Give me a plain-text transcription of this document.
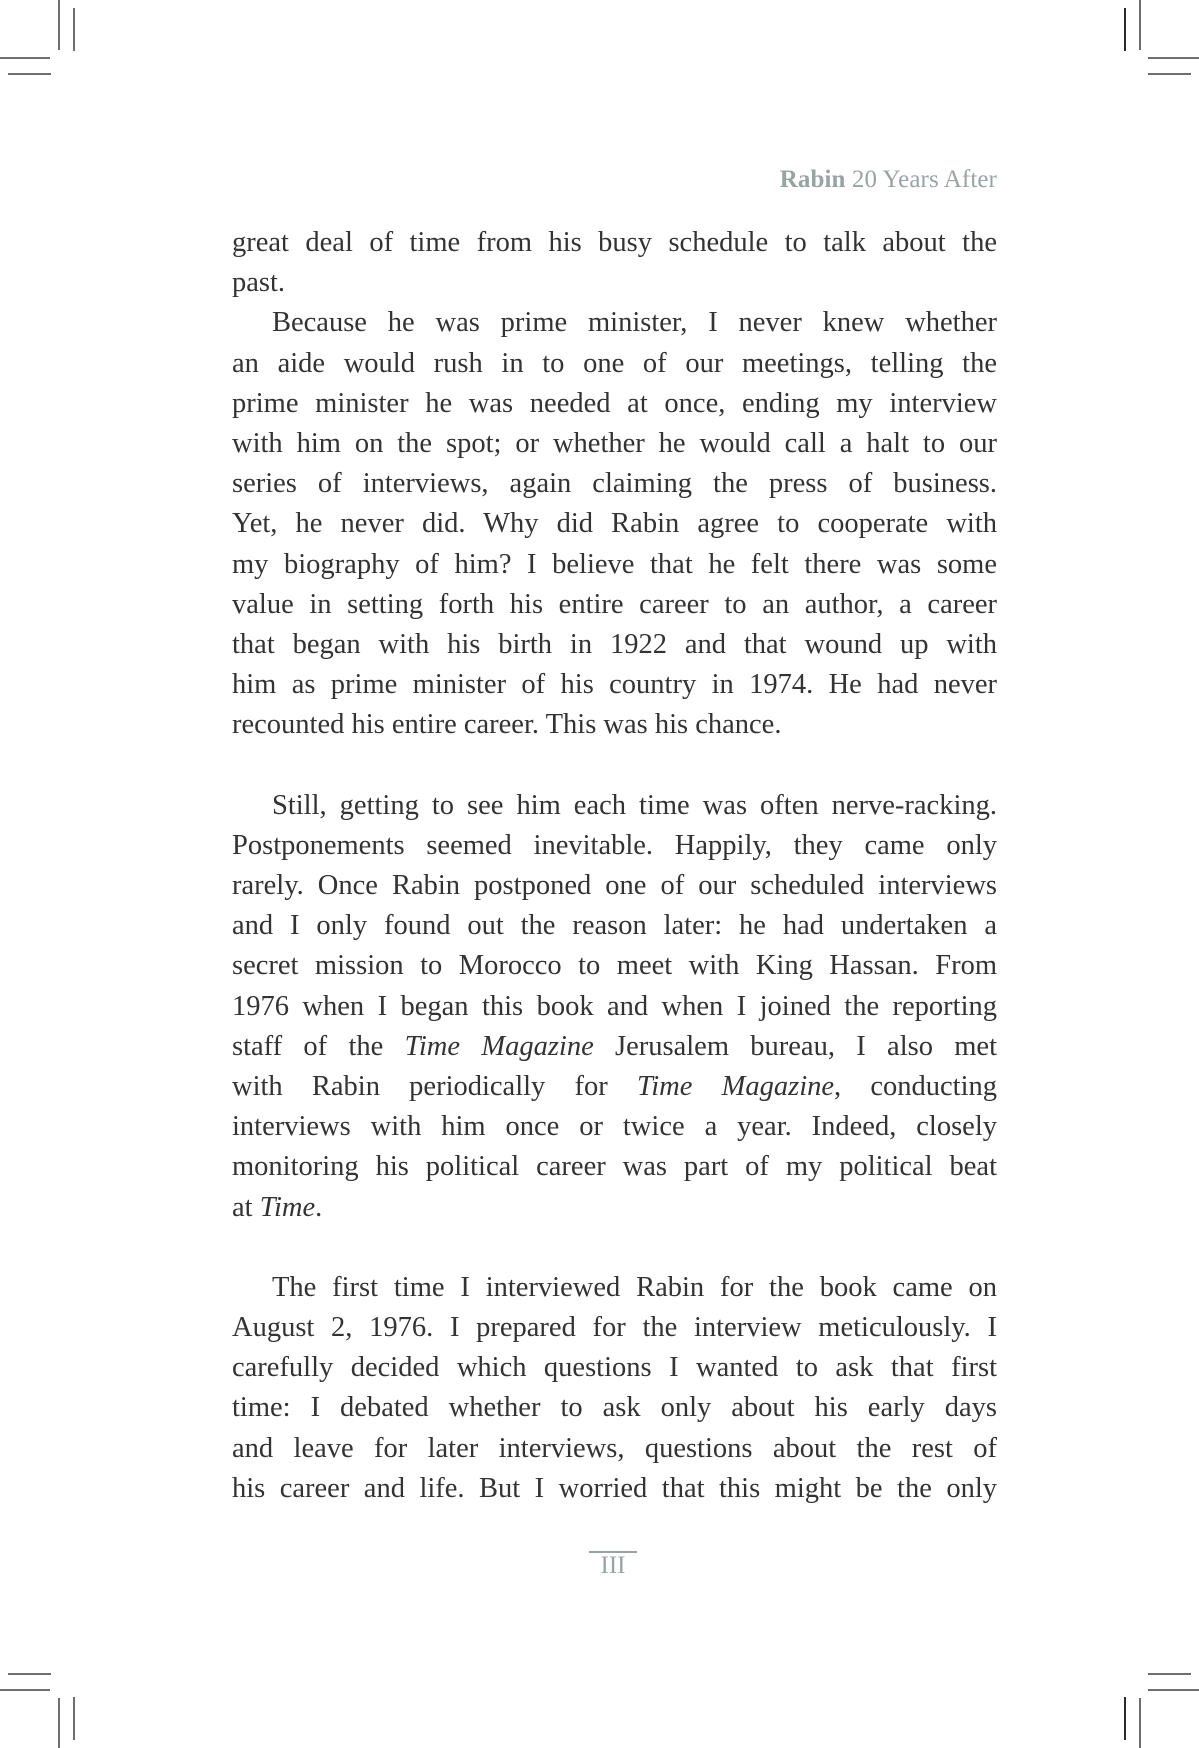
Rabin 20 Years After
great deal of time from his busy schedule to talk about the
past.
Because he was prime minister, I never knew whether
an aide would rush in to one of our meetings, telling the
prime minister he was needed at once, ending my interview
with him on the spot; or whether he would call a halt to our
series of interviews, again claiming the press of business.
Yet, he never did. Why did Rabin agree to cooperate with
my biography of him? I believe that he felt there was some
value in setting forth his entire career to an author, a career
that began with his birth in 1922 and that wound up with
him as prime minister of his country in 1974. He had never
recounted his entire career. This was his chance.
Still, getting to see him each time was often nerve-racking.
Postponements seemed inevitable. Happily, they came only
rarely. Once Rabin postponed one of our scheduled interviews
and I only found out the reason later: he had undertaken a
secret mission to Morocco to meet with King Hassan. From
1976 when I began this book and when I joined the reporting
staff of the Time Magazine Jerusalem bureau, I also met
with Rabin periodically for Time Magazine, conducting
interviews with him once or twice a year. Indeed, closely
monitoring his political career was part of my political beat
at Time.
The first time I interviewed Rabin for the book came on
August 2, 1976. I prepared for the interview meticulously. I
carefully decided which questions I wanted to ask that first
time: I debated whether to ask only about his early days
and leave for later interviews, questions about the rest of
his career and life. But I worried that this might be the only
III
